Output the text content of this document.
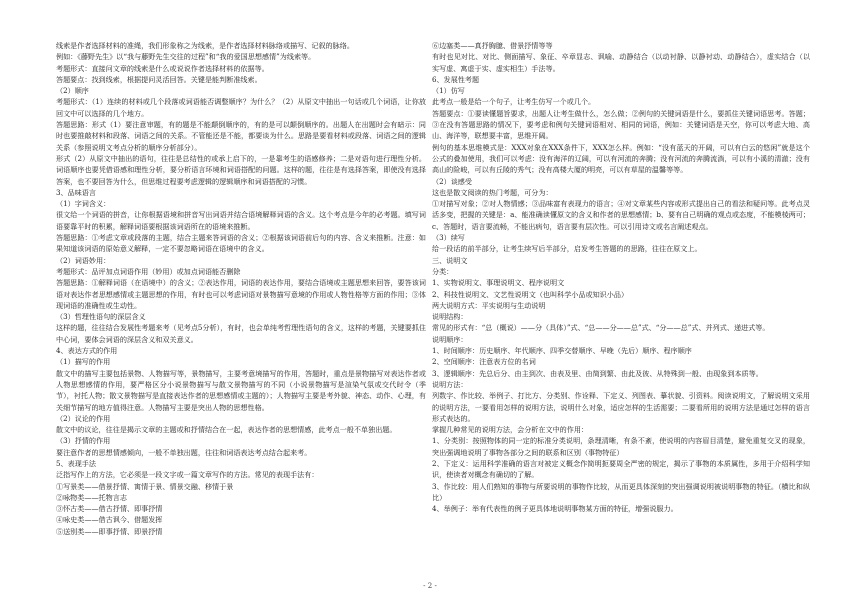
线索是作者选择材料的准绳，我们形象称之为线索，是作者选择材料脉络或描写、记叙的脉络。

例如：《藤野先生》以“我与藤野先生交往的过程”和“我的爱国思想感情”为线索等。

考题形式：直接问文章的线索是什么或说说作者选择材料的依据等。

答题要点：找到线索，根据提问灵活回答。关键是能判断准线索。

（2）顺序

考题形式：（1）连续的材料或几个段落或词语能否调整顺序？为什么？（2）从原文中抽出一句话或几个词语，让你放回文中可以选择的几个地方。

答题思路：形式（1）要注意审题，有的题是不能颠倒顺序的，有的是可以颠倒顺序的。出题人在出题时会有暗示：同时也要推敲材料和段落、词语之间的关系。不管能还是不能，都要谈为什么。思路是要看材料或段落、词语之间的逻辑关系（参照说明文考点分析的顺序分析部分）。

形式（2）从原文中抽出的语句，往往是总结性的或承上启下的，一是靠考生的语感修养；二是对语句进行理性分析。词语顺序也要凭借语感和理性分析，要分析语言环境和词语搭配的问题。这样的题，往往是有选择答案，即使没有选择答案，也不要回答为什么，但思维过程要考虑逻辑的逻辑顺序和词语搭配的习惯。

3、品味语言

（1）字词含义：

很文给一个词语的拼音，让你根据语境和拼音写出词语并结合语境解释词语的含义。这个考点是今年的必考题。填写词语要靠平时的积累，解释词语要根据该词语所在的语境来推断。

答题思路：①考虑文章或段落的主题，结合主题来答词语的含义；②根据该词语前后句的内容、含义来推断。注意：如果知道该词语的原始意义解释，一定不要忽略词语在语境中的含义。

（2）词语妙用：

考题形式：品评加点词语作用（妙用）或加点词语能否删除

答题思路：①解释词语（在语境中）的含义；②表达作用，词语的表达作用，要结合语境或主题思想来回答，要答该词语对表达作者思想感情或主题思想的作用，有时也可以考虑词语对景物描写意境的作用或人物性格等方面的作用；③体现词语的准确性或生动性。

（3）哲理性语句的深层含义

这样的题，往往结合发展性考题来考（见考点5分析），有时，也会单纯考哲理性语句的含义，这样的考题，关键要抓住中心词，要体会词语的深层含义和双关意义。

4、表达方式的作用

（1）描写的作用

散文中的描写主要包括景物、人物描写等，景物描写，主要考意境描写的作用，答题时，重点是景物描写对表达作者或人物思想感情的作用，要严格区分小说景物描写与散文景物描写的不同（小说景物描写是渲染气氛或交代时令（季节），衬托人物；散文景物描写是直接表达作者的思想感情或主题的）；人物描写主要是考外貌、神态、动作、心理，有关细节描写的地方值得注意。人物描写主要是突出人物的思想性格。

（2）议论的作用

散文中的议论，往往是揭示文章的主题或和抒情结合在一起，表达作者的思想情感，此考点一般不单独出题。

（3）抒情的作用

要注意作者的思想情感倾向，一般不单独出题，往往和词语表达考点结合起来考。

5、表现手法

泛指写作上的方法，它必须是一段文字或一篇文章写作的方法。常见的表现手法有：

①写景类——借景抒情、寓情于景、情景交融、移情于景

②咏物类——托物言志

③怀古类——借古抒情、即事抒情

④咏史类——借古讽今、借题发挥

⑤送别类——即事抒情、即景抒情

⑥边塞类——真抒胸臆、借景抒情等等

有时也见对比、对比、侧面描写、象征、卒章显志、讽喻、动静结合（以动衬静、以静衬动、动静结合），虚实结合（以实写虚、寓虚于实、虚实相生）手法等。

6、发展性考题

（1）仿写

此考点一般是给一个句子，让考生仿写一个或几个。

答题要点：①要读懂题旨要求，出题人让考生做什么，怎么做；②例句的关键词语是什么，要抓住关键词语思考。答题；③在没有答题思路的情况下，要考虑和例句关键词语相对、相同的词语，例如：关键词语是天空，你可以考虑大地、高山、海洋等，联想要丰富，思维开阔。

例句的基本思维模式是：XXX对象在XXX条件下，XXX怎么样。例如：“没有蓝天的开阔，可以有白云的悠闲”就是这个公式的叠加使用，我们可以考虑：没有海洋的辽阔，可以有河流的奔腾；没有河流的奔腾流淌，可以有小溪的清澈；没有高山的险峻，可以有丘陵的秀气；没有高楼大厦的明亮，可以有草屋的温馨等等。

（2）谈感受

这也是散文阅读的热门考题，可分为：

①对描写对象；②对人物情感；③品味富有表现力的语言；④对文章某些内容或形式提出自己的看法和疑问等。此考点灵活多变，把握的关键是：a、能准确读懂原文的含义和作者的思想感情；b、要有自己明确的观点或态度，不能模棱两可；c、答题时，语言要流畅，不能出病句，语言要有层次性。可以引用诗文或名言阐述观点。

（3）续写

给一段话的前半部分，让考生续写后半部分，启发考生答题的的思路，往往在原文上。

三、说明文

分类：

1、实物说明文、事理说明文、程序说明文

2、科技性说明文、文艺性说明文（也叫科学小品或知识小品）

两大说明方式：平实说明与生动说明

说明结构：

常见的形式有：“总（概说）——分（具体）”式、“总——分——总”式、“分——总”式、并列式、递进式等。

说明顺序：

1、时间顺序：历史顺序、年代顺序、四季交替顺序、早晚（先后）顺序、程序顺序

2、空间顺序：注意表方位的名词

3、逻辑顺序：先总后分、由主到次、由表及里、由简到繁、由此及彼、从特殊到一般、由现象到本质等。

说明方法：

列数字、作比较、举例子、打比方、分类别、作诠释、下定义、列图表、摹状貌、引资料。阅读说明文，了解说明文采用的说明方法，一要看用怎样的说明方法，说明什么对象，适应怎样的生活需要；二要看所用的说明方法是通过怎样的语言形式表达的。

掌握几种常见的说明方法，会分析在文中的作用：

1、分类别：按照物体的同一定的标准分类说明，条理清晰，有条不紊，使说明的内容眉目清楚，避免重复交叉的现象，突出强调地说明了事物各部分之间的联系和区别（事物特征）

2、下定义：运用科学准确的语言对被定义概念作简明扼要周全严密的规定，揭示了事物的本质属性，多用于介绍科学知识，使读者对概念有确切的了解。

3、作比较：用人们熟知的事物与所要说明的事物作比较，从而更具体深刻的突出强调说明被说明事物的特征。（横比和纵比）

4、举例子：举有代表性的例子更具体地说明事物某方面的特征，增强说服力。

- 2 -
